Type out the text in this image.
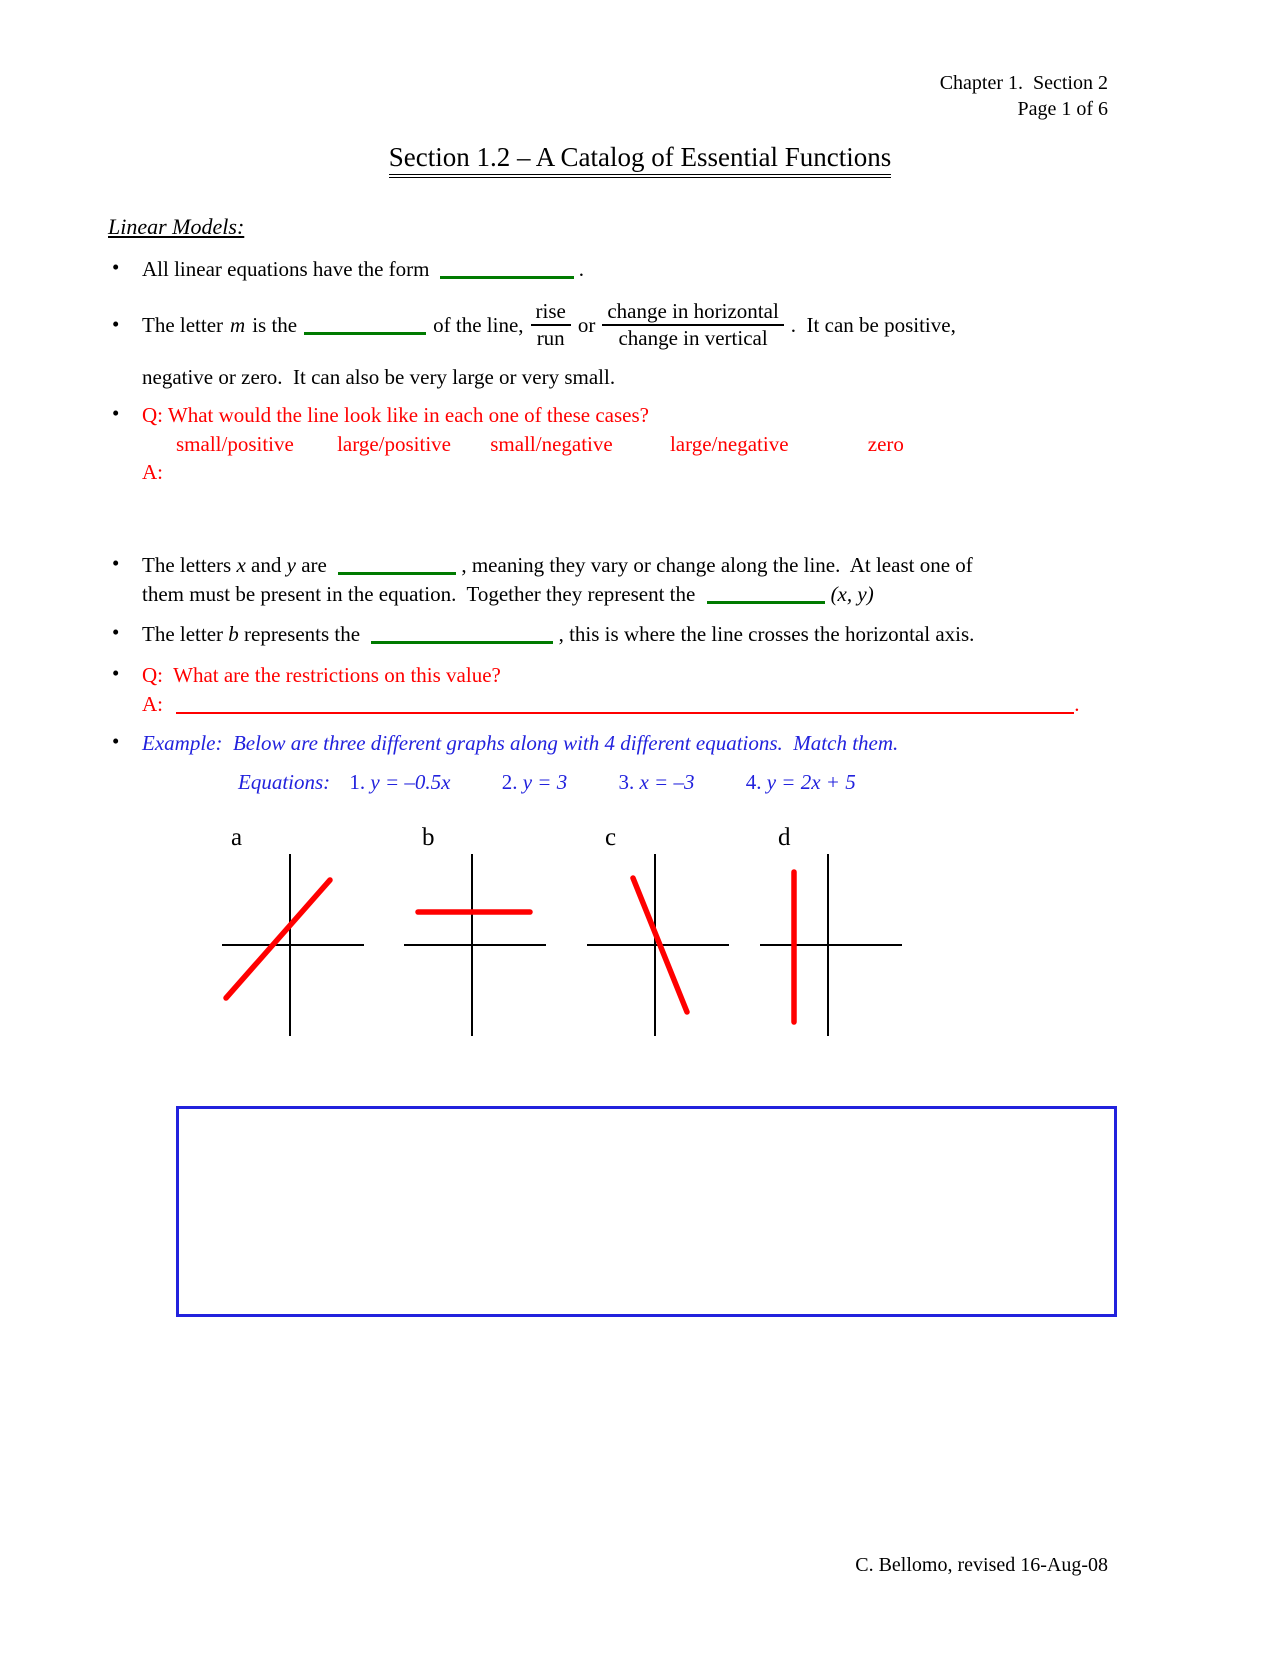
Chapter 1.  Section 2
Page 1 of 6
Section 1.2 – A Catalog of Essential Functions
Linear Models:
• All linear equations have the form	.
• The letter m is the	of the line, $\frac{\text{rise}}{\text{run}}$ or $\frac{\text{change in horizontal}}{\text{change in vertical}}$ .  It can be positive,
negative or zero.  It can also be very large or very small.
• Q: What would the line look like in each one of these cases?
small/positive large/positive small/negative	large/negative	zero
A:
• The letters x and y are	, meaning they vary or change along the line.  At least one of
them must be present in the equation.  Together they represent the	(x, y)
• The letter b represents the	, this is where the line crosses the horizontal axis.
• Q:  What are the restrictions on this value?
A:	.
• Example:  Below are three different graphs along with 4 different equations.  Match them.
Equations: 1. y = –0.5x 2. y = 3 3. x = –3 4. y = 2x + 5
a	b	c	d
C. Bellomo, revised 16-Aug-08
